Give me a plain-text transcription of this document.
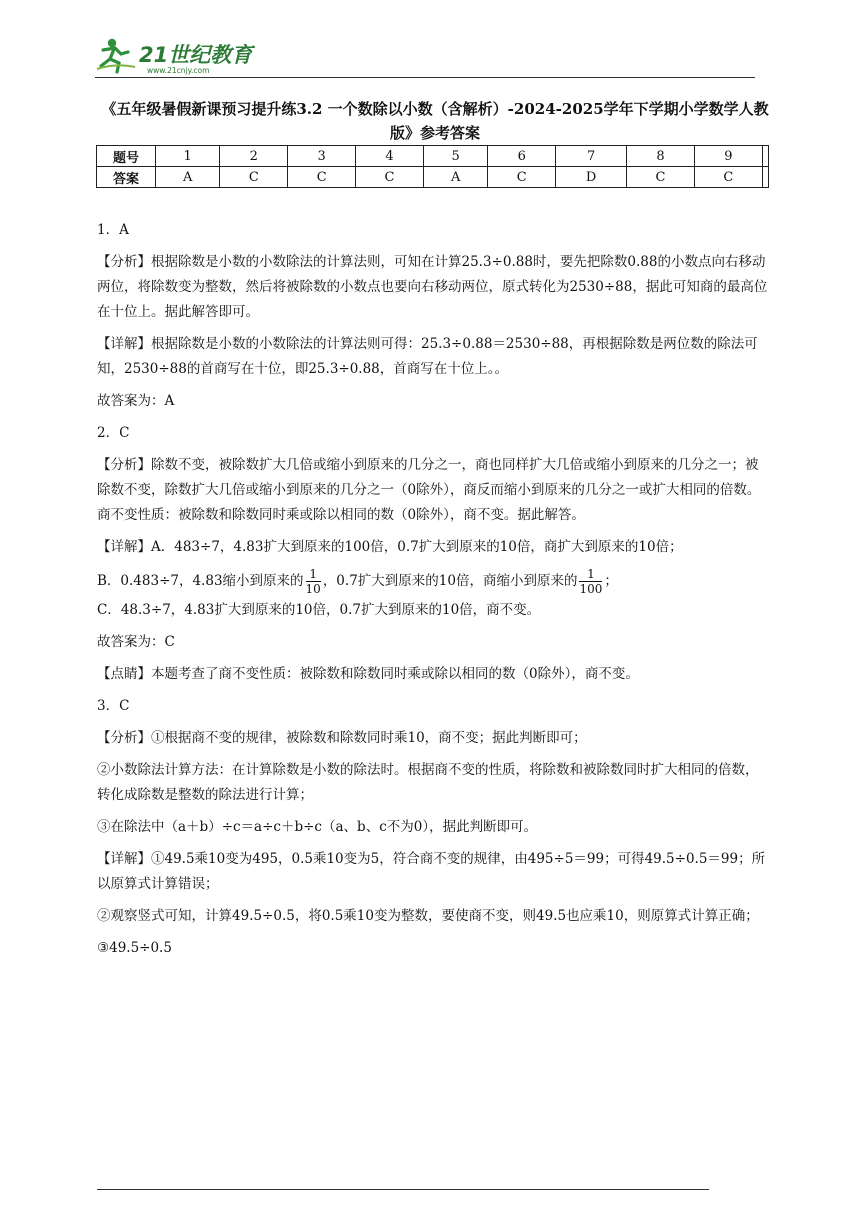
21世纪教育
www.21cnjy.com
《五年级暑假新课预习提升练3.2 一个数除以小数（含解析）-2024-2025学年下学期小学数学人教版》参考答案
题号	1	2	3	4	5	6	7	8	9	
答案	A	C	C	C	A	C	D	C	C	

1．A

【分析】根据除数是小数的小数除法的计算法则，可知在计算25.3÷0.88时，要先把除数0.88的小数点向右移动两位，将除数变为整数，然后将被除数的小数点也要向右移动两位，原式转化为2530÷88，据此可知商的最高位在十位上。据此解答即可。

【详解】根据除数是小数的小数除法的计算法则可得：25.3÷0.88＝2530÷88，再根据除数是两位数的除法可知，2530÷88的首商写在十位，即25.3÷0.88，首商写在十位上。。

故答案为：A

2．C

【分析】除数不变，被除数扩大几倍或缩小到原来的几分之一，商也同样扩大几倍或缩小到原来的几分之一；被除数不变，除数扩大几倍或缩小到原来的几分之一（0除外），商反而缩小到原来的几分之一或扩大相同的倍数。商不变性质：被除数和除数同时乘或除以相同的数（0除外），商不变。据此解答。

【详解】A．483÷7，4.83扩大到原来的100倍，0.7扩大到原来的10倍，商扩大到原来的10倍；

B．0.483÷7，4.83缩小到原来的 $\frac{1}{10}$ ，0.7扩大到原来的10倍，商缩小到原来的 $\frac{1}{100}$ ；

C．48.3÷7，4.83扩大到原来的10倍，0.7扩大到原来的10倍，商不变。

故答案为：C

【点睛】本题考查了商不变性质：被除数和除数同时乘或除以相同的数（0除外），商不变。

3．C

【分析】①根据商不变的规律，被除数和除数同时乘10，商不变；据此判断即可；

②小数除法计算方法：在计算除数是小数的除法时。根据商不变的性质，将除数和被除数同时扩大相同的倍数，转化成除数是整数的除法进行计算；

③在除法中（a＋b）÷c＝a÷c＋b÷c（a、b、c不为0），据此判断即可。

【详解】①49.5乘10变为495，0.5乘10变为5，符合商不变的规律，由495÷5＝99；可得49.5÷0.5＝99；所以原算式计算错误；

②观察竖式可知，计算49.5÷0.5，将0.5乘10变为整数，要使商不变，则49.5也应乘10，则原算式计算正确；

③49.5÷0.5
